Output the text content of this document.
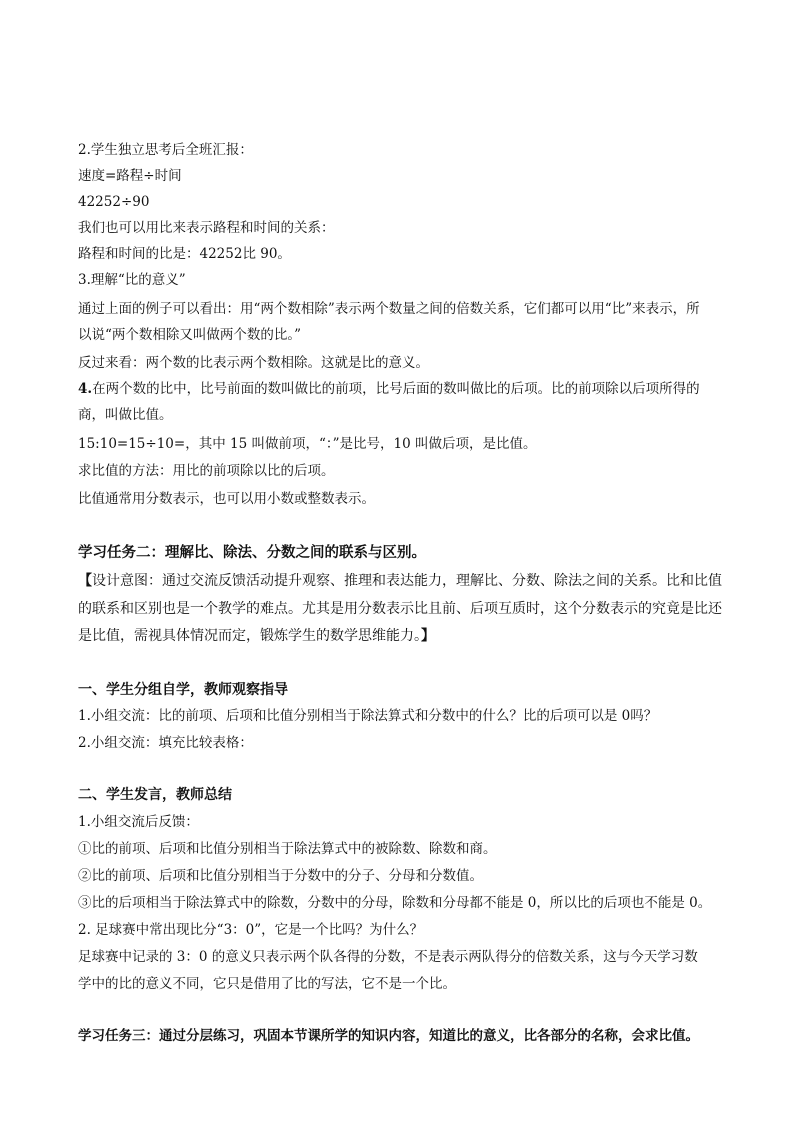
2.学生独立思考后全班汇报：

速度=路程÷时间

42252÷90

我们也可以用比来表示路程和时间的关系：

路程和时间的比是：42252比 90。

3.理解“比的意义”

通过上面的例子可以看出：用“两个数相除”表示两个数量之间的倍数关系，它们都可以用“比”来表示，所

以说“两个数相除又叫做两个数的比。”

反过来看：两个数的比表示两个数相除。这就是比的意义。

4.在两个数的比中，比号前面的数叫做比的前项，比号后面的数叫做比的后项。比的前项除以后项所得的

商，叫做比值。

15:10=15÷10=，其中 15 叫做前项，“：”是比号，10 叫做后项，是比值。

求比值的方法：用比的前项除以比的后项。

比值通常用分数表示，也可以用小数或整数表示。

学习任务二：理解比、除法、分数之间的联系与区别。

【设计意图：通过交流反馈活动提升观察、推理和表达能力，理解比、分数、除法之间的关系。比和比值

的联系和区别也是一个教学的难点。尤其是用分数表示比且前、后项互质时，这个分数表示的究竟是比还

是比值，需视具体情况而定，锻炼学生的数学思维能力。】

一、学生分组自学，教师观察指导

1.小组交流：比的前项、后项和比值分别相当于除法算式和分数中的什么？比的后项可以是 0吗？

2.小组交流：填充比较表格：

二、学生发言，教师总结

1.小组交流后反馈：

①比的前项、后项和比值分别相当于除法算式中的被除数、除数和商。

②比的前项、后项和比值分别相当于分数中的分子、分母和分数值。

③比的后项相当于除法算式中的除数，分数中的分母，除数和分母都不能是 0，所以比的后项也不能是 0。

2. 足球赛中常出现比分“3：0”，它是一个比吗？为什么？

足球赛中记录的 3：0 的意义只表示两个队各得的分数，不是表示两队得分的倍数关系，这与今天学习数

学中的比的意义不同，它只是借用了比的写法，它不是一个比。

学习任务三：通过分层练习，巩固本节课所学的知识内容，知道比的意义，比各部分的名称，会求比值。
